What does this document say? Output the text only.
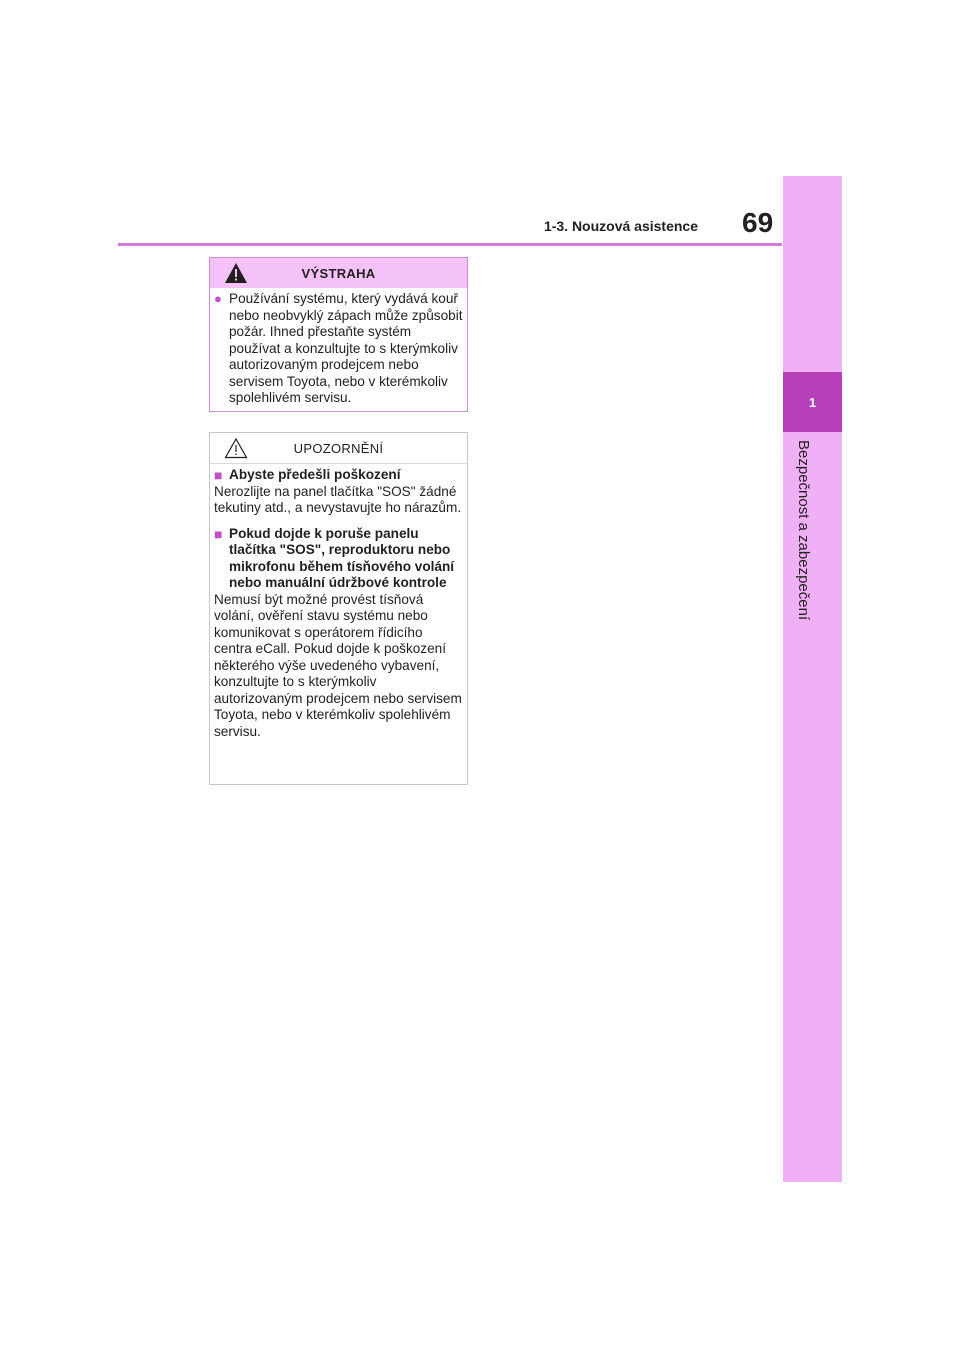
1
Bezpečnost a zabezpečení
1-3. Nouzová asistence 69
VÝSTRAHA
● Používání systému, který vydává kouř nebo neobvyklý zápach může způsobit požár. Ihned přestaňte systém používat a konzultujte to s kterýmkoliv autorizovaným prodejcem nebo servisem Toyota, nebo v kterémkoliv spolehlivém servisu.
UPOZORNĚNÍ
■ Abyste předešli poškození

Nerozlijte na panel tlačítka "SOS" žádné tekutiny atd., a nevystavujte ho nárazům.

■ Pokud dojde k poruše panelu tlačítka "SOS", reproduktoru nebo mikrofonu během tísňového volání nebo manuální údržbové kontrole

Nemusí být možné provést tísňová volání, ověření stavu systému nebo komunikovat s operátorem řídicího centra eCall. Pokud dojde k poškození některého výše uvedeného vybavení, konzultujte to s kterýmkoliv autorizovaným prodejcem nebo servisem Toyota, nebo v kterémkoliv spolehlivém servisu.
